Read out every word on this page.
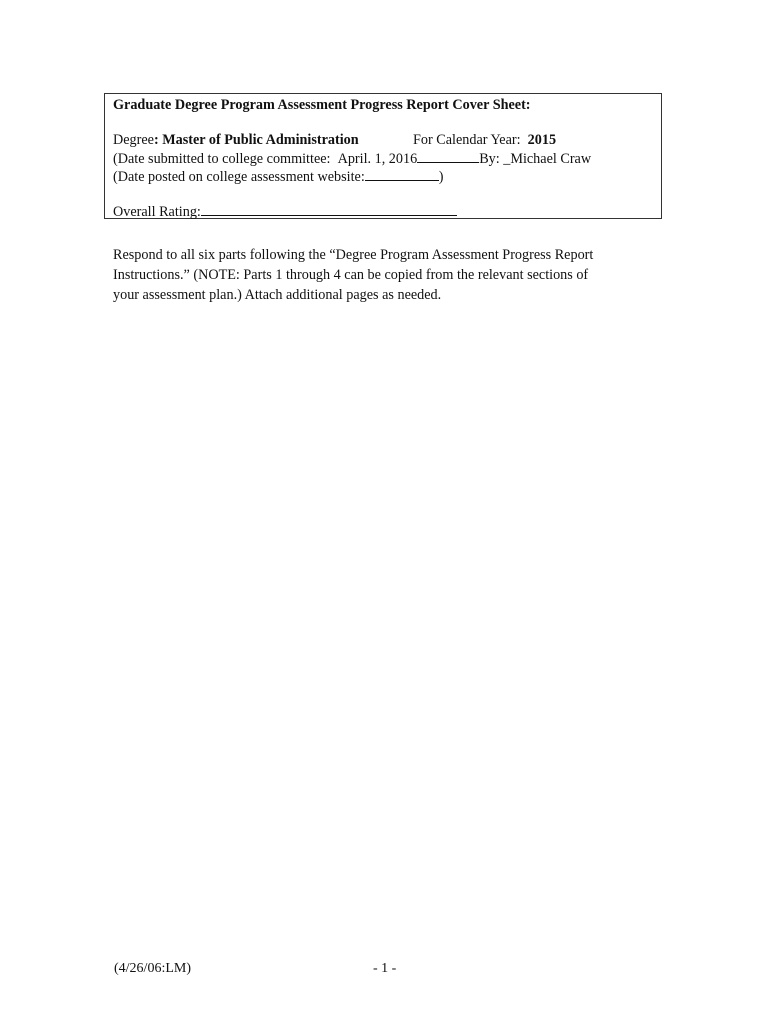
Graduate Degree Program Assessment Progress Report Cover Sheet:
Degree: Master of Public Administration	For Calendar Year: 2015
(Date submitted to college committee: April. 1, 2016	By: _Michael Craw
(Date posted on college assessment website:	)
Overall Rating:
Respond to all six parts following the “Degree Program Assessment Progress Report
Instructions.” (NOTE: Parts 1 through 4 can be copied from the relevant sections of
your assessment plan.) Attach additional pages as needed.
(4/26/06:LM)	- 1 -
